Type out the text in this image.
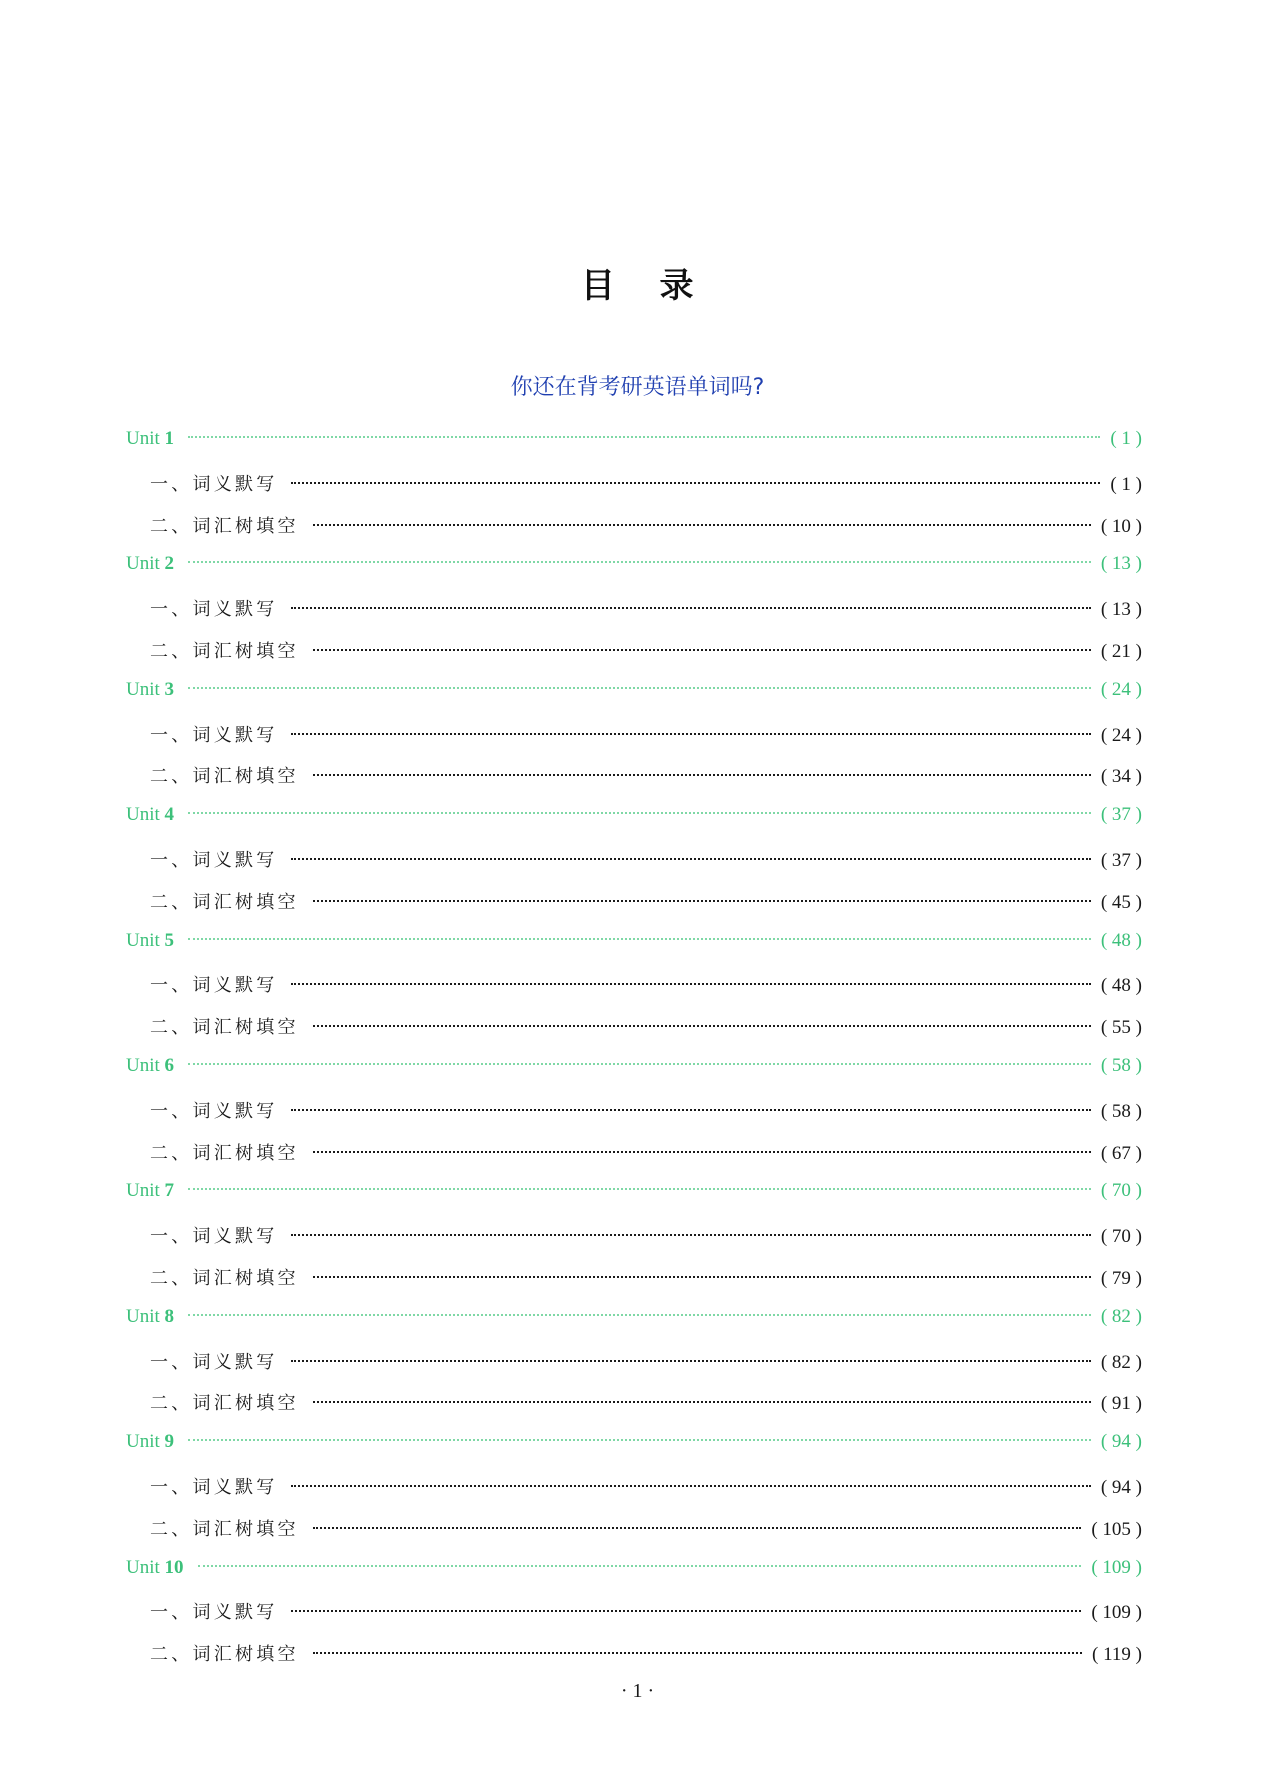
目 录
你还在背考研英语单词吗?
Unit 1	( 1 )
一、词义默写	( 1 )
二、词汇树填空	( 10 )
Unit 2	( 13 )
一、词义默写	( 13 )
二、词汇树填空	( 21 )
Unit 3	( 24 )
一、词义默写	( 24 )
二、词汇树填空	( 34 )
Unit 4	( 37 )
一、词义默写	( 37 )
二、词汇树填空	( 45 )
Unit 5	( 48 )
一、词义默写	( 48 )
二、词汇树填空	( 55 )
Unit 6	( 58 )
一、词义默写	( 58 )
二、词汇树填空	( 67 )
Unit 7	( 70 )
一、词义默写	( 70 )
二、词汇树填空	( 79 )
Unit 8	( 82 )
一、词义默写	( 82 )
二、词汇树填空	( 91 )
Unit 9	( 94 )
一、词义默写	( 94 )
二、词汇树填空	( 105 )
Unit 10	( 109 )
一、词义默写	( 109 )
二、词汇树填空	( 119 )
· 1 ·
